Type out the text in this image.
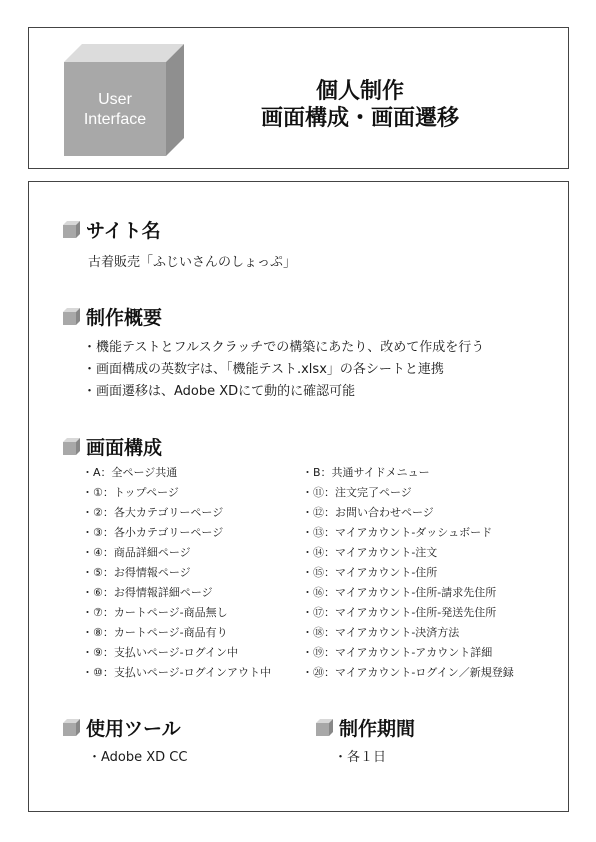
User
Interface
個人制作
画面構成・画面遷移
サイト名
古着販売「ふじいさんのしょっぷ」
制作概要
・機能テストとフルスクラッチでの構築にあたり、改めて作成を行う
・画面構成の英数字は、「機能テスト.xlsx」の各シートと連携
・画面遷移は、Adobe XDにて動的に確認可能
画面構成
・A：全ページ共通
・①：トップページ
・②：各大カテゴリーページ
・③：各小カテゴリーページ
・④：商品詳細ページ
・⑤：お得情報ページ
・⑥：お得情報詳細ページ
・⑦：カートページ-商品無し
・⑧：カートページ-商品有り
・⑨：支払いページ-ログイン中
・⑩：支払いページ-ログインアウト中
・B：共通サイドメニュー
・⑪：注文完了ページ
・⑫：お問い合わせページ
・⑬：マイアカウント-ダッシュボード
・⑭：マイアカウント-注文
・⑮：マイアカウント-住所
・⑯：マイアカウント-住所-請求先住所
・⑰：マイアカウント-住所-発送先住所
・⑱：マイアカウント-決済方法
・⑲：マイアカウント-アカウント詳細
・⑳：マイアカウント-ログイン／新規登録
使用ツール
・Adobe XD CC
制作期間
・各１日
